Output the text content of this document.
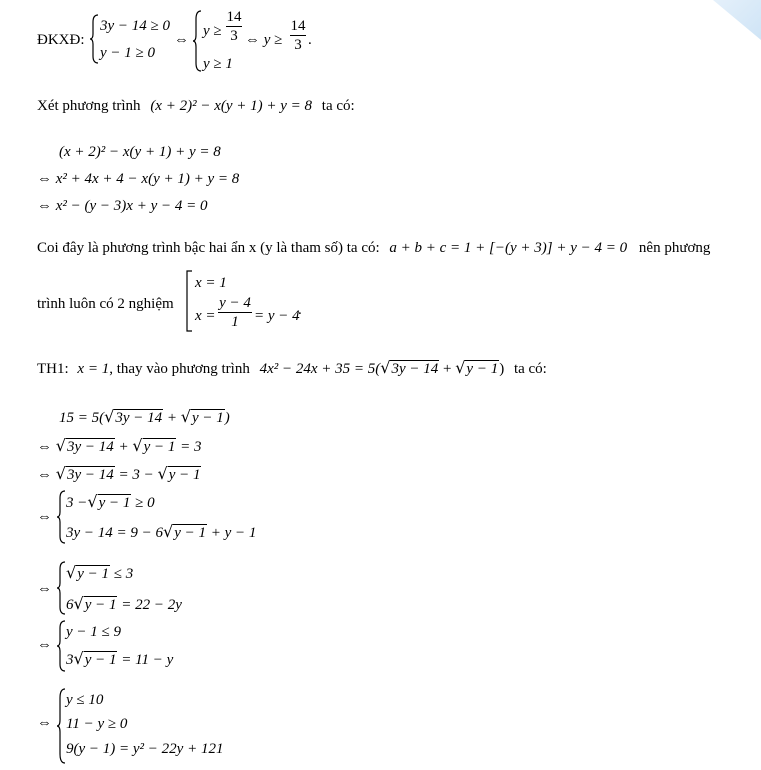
ĐKXĐ:
3y − 14 ≥ 0
y − 1 ≥ 0
⇔
y ≥
14
3
y ≥ 1
⇔ y ≥
14
3 .
Xét phương trình (x + 2)² − x(y + 1) + y = 8 ta có:
(x + 2)² − x(y + 1) + y = 8
⇔ x² + 4x + 4 − x(y + 1) + y = 8
⇔ x² − (y − 3)x + y − 4 = 0
Coi đây là phương trình bậc hai ẩn x (y là tham số) ta có: a + b + c = 1 + [−(y + 3)] + y − 4 = 0 nên phương
trình luôn có 2 nghiệm
x = 1
x =
y − 4
1	= y − 4
.
TH1: x = 1, thay vào phương trình 4x² − 24x + 35 = 5(√3y − 14 + √y − 1) ta có:
15 = 5(√3y − 14 + √y − 1)
⇔ √3y − 14 + √y − 1 = 3
⇔ √3y − 14 = 3 − √y − 1
⇔
3 −√y − 1 ≥ 0
3y − 14 = 9 − 6√y − 1 + y − 1
⇔
√y − 1 ≤ 3
6√y − 1 = 22 − 2y
⇔
y − 1 ≤ 9
3√y − 1 = 11 − y
⇔
y ≤ 10
11 − y ≥ 0
9(y − 1) = y² − 22y + 121
